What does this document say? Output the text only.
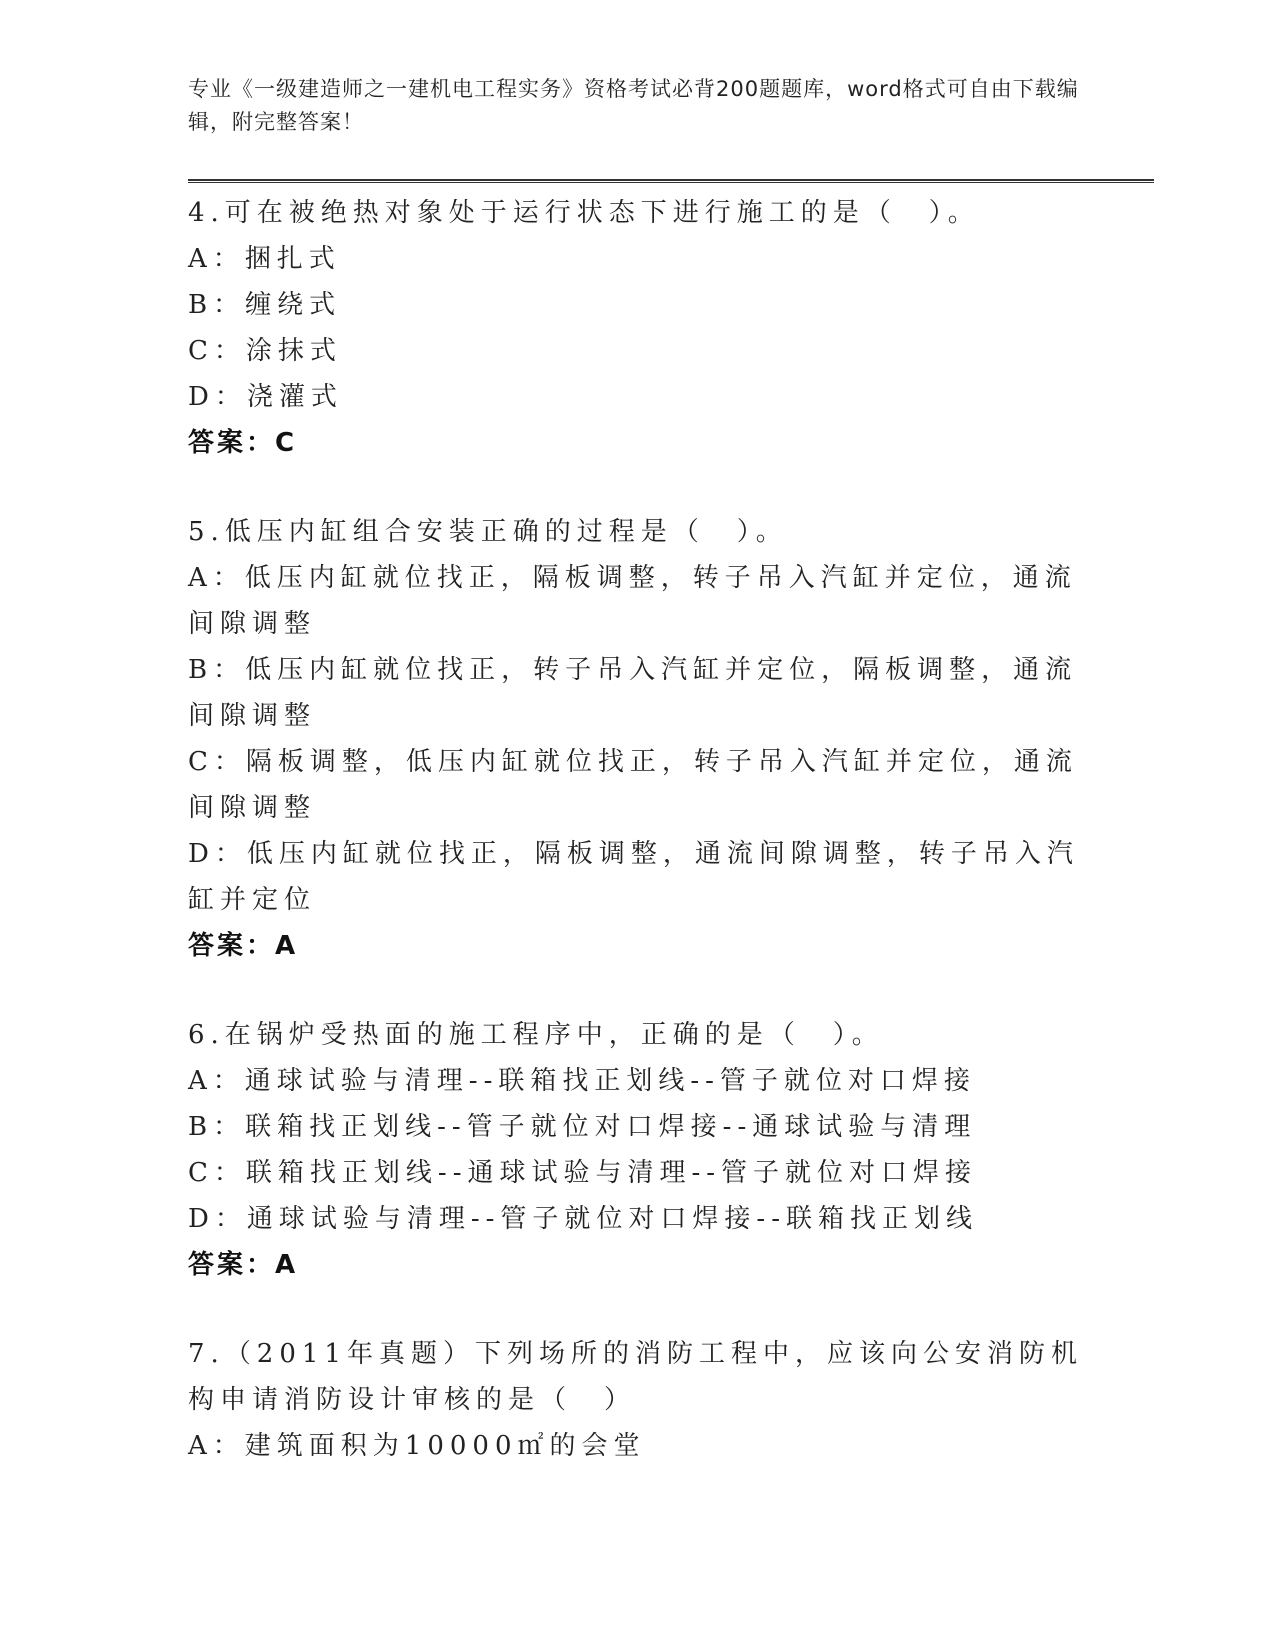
专业《一级建造师之一建机电工程实务》资格考试必背200题题库，word格式可自由下载编辑，附完整答案！
4.可在被绝热对象处于运行状态下进行施工的是（　）。
A： 捆扎式
B： 缠绕式
C： 涂抹式
D： 浇灌式
答案：C
5.低压内缸组合安装正确的过程是（　）。
A：低压内缸就位找正，隔板调整，转子吊入汽缸并定位，通流间隙调整
B：低压内缸就位找正，转子吊入汽缸并定位，隔板调整，通流间隙调整
C：隔板调整，低压内缸就位找正，转子吊入汽缸并定位，通流间隙调整
D：低压内缸就位找正，隔板调整，通流间隙调整，转子吊入汽缸并定位
答案：A
6.在锅炉受热面的施工程序中，正确的是（　）。
A： 通球试验与清理--联箱找正划线--管子就位对口焊接
B： 联箱找正划线--管子就位对口焊接--通球试验与清理
C： 联箱找正划线--通球试验与清理--管子就位对口焊接
D： 通球试验与清理--管子就位对口焊接--联箱找正划线
答案：A
7.（2011年真题）下列场所的消防工程中，应该向公安消防机构申请消防设计审核的是（　）
A： 建筑面积为10000㎡的会堂
